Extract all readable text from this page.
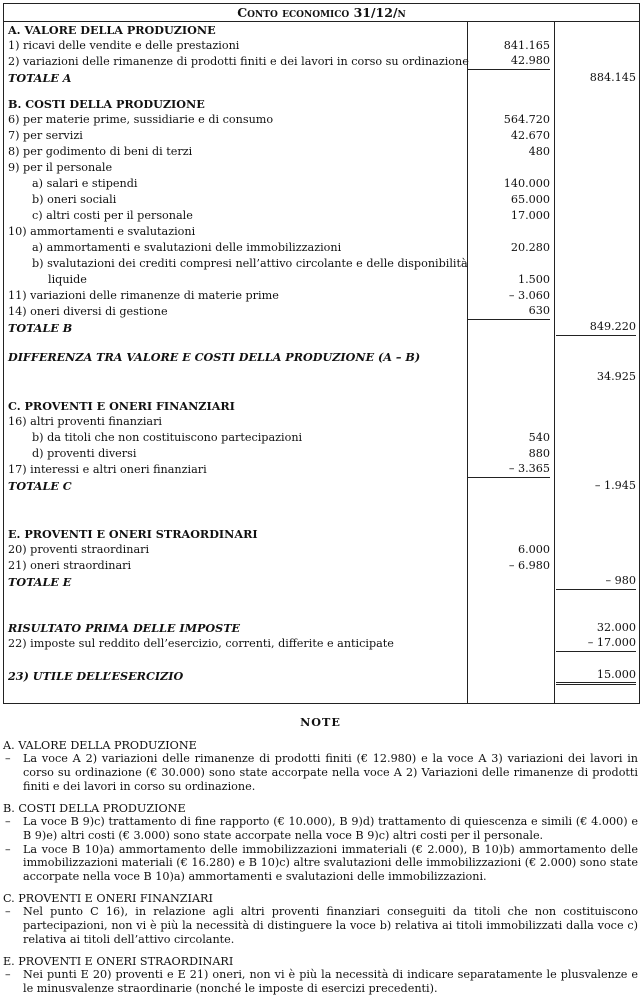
Conto economico 31/12/n
A. VALORE DELLA PRODUZIONE
1) ricavi delle vendite e delle prestazioni	841.165
2) variazioni delle rimanenze di prodotti finiti e dei lavori in corso su ordinazione	42.980
TOTALE A	884.145
B. COSTI DELLA PRODUZIONE
6) per materie prime, sussidiarie e di consumo	564.720
7) per servizi	42.670
8) per godimento di beni di terzi	480
9) per il personale
a) salari e stipendi	140.000
b) oneri sociali	65.000
c) altri costi per il personale	17.000
10) ammortamenti e svalutazioni
a) ammortamenti e svalutazioni delle immobilizzazioni	20.280
b) svalutazioni dei crediti compresi nell’attivo circolante e delle disponibilità
liquide	1.500
11) variazioni delle rimanenze di materie prime	– 3.060
14) oneri diversi di gestione	630
TOTALE B	849.220
DIFFERENZA TRA VALORE E COSTI DELLA PRODUZIONE (A – B)
34.925
C. PROVENTI E ONERI FINANZIARI
16) altri proventi finanziari
b) da titoli che non costituiscono partecipazioni	540
d) proventi diversi	880
17) interessi e altri oneri finanziari	– 3.365
TOTALE C	– 1.945
E. PROVENTI E ONERI STRAORDINARI
20) proventi straordinari	6.000
21) oneri straordinari	– 6.980
TOTALE E	– 980
RISULTATO PRIMA DELLE IMPOSTE	32.000
22) imposte sul reddito dell’esercizio, correnti, differite e anticipate	– 17.000
23) UTILE DELL’ESERCIZIO	15.000
NOTE
A. VALORE DELLA PRODUZIONE
– La voce A 2) variazioni delle rimanenze di prodotti finiti (€ 12.980) e la voce A 3) variazioni dei lavori in corso su ordinazione (€ 30.000) sono state accorpate nella voce A 2) Variazioni delle rimanenze di prodotti finiti e dei lavori in corso su ordinazione.
B. COSTI DELLA PRODUZIONE
– La voce B 9)c) trattamento di fine rapporto (€ 10.000), B 9)d) trattamento di quiescenza e simili (€ 4.000) e B 9)e) altri costi (€ 3.000) sono state accorpate nella voce B 9)c) altri costi per il personale.
– La voce B 10)a) ammortamento delle immobilizzazioni immateriali (€ 2.000), B 10)b) ammortamento delle immobilizzazioni materiali (€ 16.280) e B 10)c) altre svalutazioni delle immobilizzazioni (€ 2.000) sono state accorpate nella voce B 10)a) ammortamenti e svalutazioni delle immobilizzazioni.
C. PROVENTI E ONERI FINANZIARI
– Nel punto C 16), in relazione agli altri proventi finanziari conseguiti da titoli che non costituiscono partecipazioni, non vi è più la necessità di distinguere la voce b) relativa ai titoli immobilizzati dalla voce c) relativa ai titoli dell’attivo circolante.
E. PROVENTI E ONERI STRAORDINARI
– Nei punti E 20) proventi e E 21) oneri, non vi è più la necessità di indicare separatamente le plusvalenze e le minusvalenze straordinarie (nonché le imposte di esercizi precedenti).
